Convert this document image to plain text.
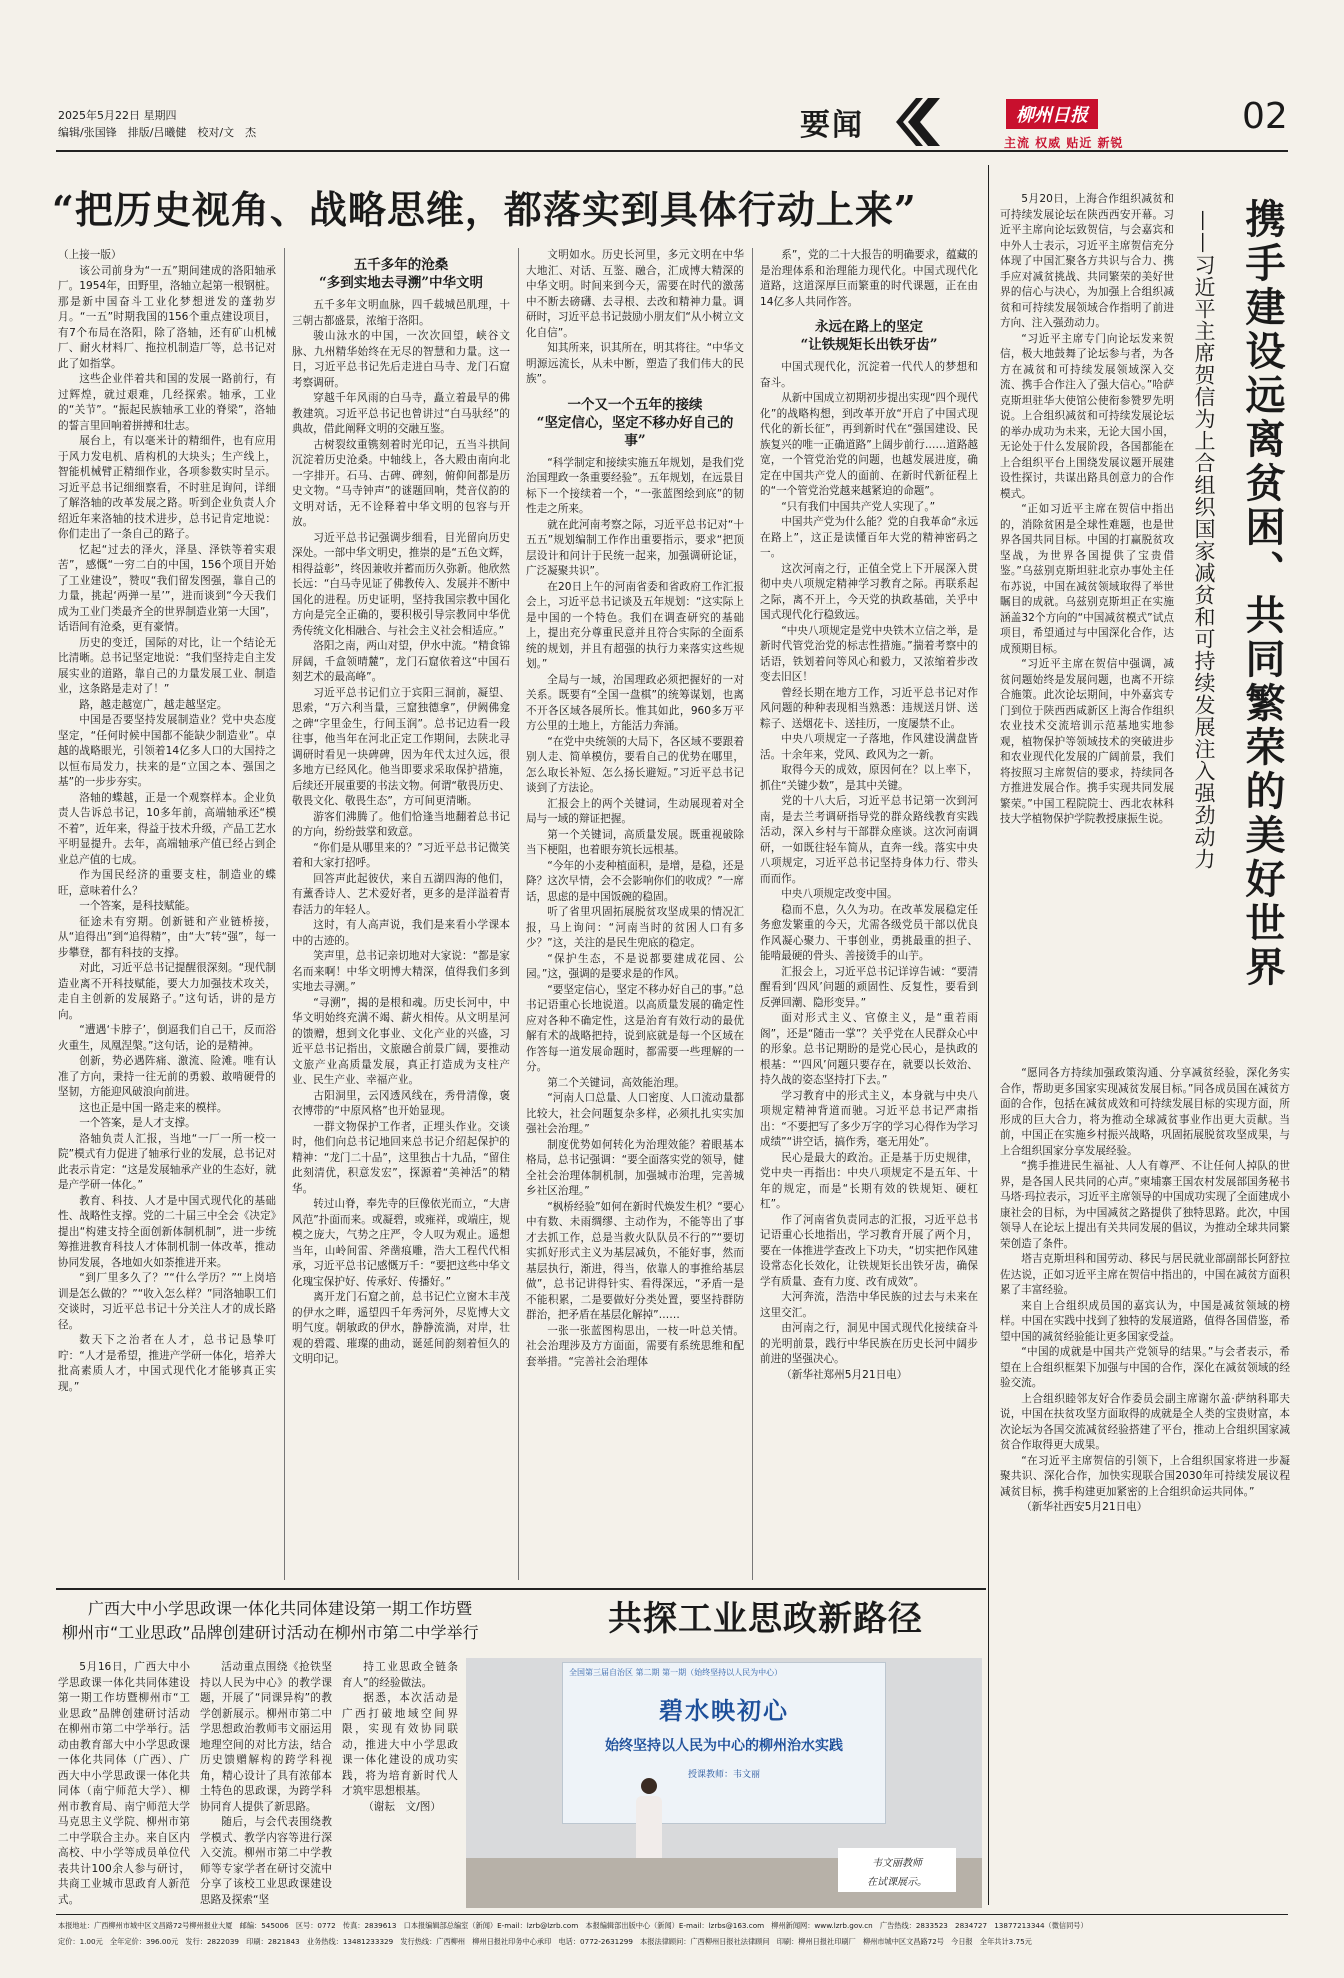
2025年5月22日 星期四
编辑/张国锋　排版/吕曦健　校对/文　杰	要闻	柳州日报
主流 权威 贴近 新锐
02
“把历史视角、战略思维，都落实到具体行动上来”
（上接一版）

该公司前身为“一五”期间建成的洛阳轴承厂。1954年，田野里，洛轴立起第一根钢桩。那是新中国奋斗工业化梦想迸发的蓬勃岁月。“一五”时期我国的156个重点建设项目，有7个布局在洛阳，除了洛轴，还有矿山机械厂、耐火材料厂、拖拉机制造厂等，总书记对此了如指掌。

这些企业伴着共和国的发展一路前行，有过辉煌，就过艰难，几经探索。轴承，工业的“关节”。“振起民族轴承工业的脊梁”，洛轴的誓言里回响着拼搏和壮志。

展台上，有以毫米计的精细件，也有应用于风力发电机、盾构机的大块头；生产线上，智能机械臂正精细作业，各项参数实时呈示。习近平总书记细细察看，不时驻足询问，详细了解洛轴的改革发展之路。听到企业负责人介绍近年来洛轴的技术进步，总书记肯定地说：你们走出了一条自己的路子。

忆起“过去的泽火，泽垦、泽铁等着实艰苦”，感慨“一穷二白的中国，156个项目开始了工业建设”，赞叹“我们留发图强，靠自己的力量，挑起‘两弹一星’”，进而谈到“今天我们成为工业门类最齐全的世界制造业第一大国”，话语间有沧桑，更有豪情。

历史的变迁，国际的对比，让一个结论无比清晰。总书记坚定地说：“我们坚持走自主发展实业的道路，靠自己的力量发展工业、制造业，这条路是走对了！”

路，越走越宽广，越走越坚定。

中国是否要坚持发展制造业？党中央态度坚定，“任何时候中国都不能缺少制造业”。卓越的战略眼光，引领着14亿多人口的大国持之以恒布局发力，扶来的是“立国之本、强国之基”的一步步夯实。

洛轴的蝶越，正是一个观察样本。企业负责人告诉总书记，10多年前，高端轴承还“模不着”，近年来，得益于技术升级，产品工艺水平明显提升。去年，高端轴承产值已经占到企业总产值的七成。

作为国民经济的重要支柱，制造业的蝶旺，意味着什么？

一个答案，是科技赋能。

征途未有穷期。创新链和产业链桥接，从“追得出”到“追得精”，由“大”转“强”，每一步攀登，都有科技的支撑。

对此，习近平总书记提醒很深刻。“现代制造业离不开科技赋能，要大力加强技术攻关，走自主创新的发展路子。”这句话，讲的是方向。

“遭遇‘卡脖子’，倒逼我们自己干，反而浴火重生，凤凰涅槃。”这句话，论的是精神。

创新，势必遇阵痛、激流、险滩。唯有认准了方向，秉持一往无前的勇毅、敢啃硬骨的坚韧，方能迎风破浪向前进。

这也正是中国一路走来的模样。

一个答案，是人才支撑。

洛轴负责人汇报，当地“一厂一所一校一院”模式有力促进了轴承行业的发展，总书记对此表示肯定：“这是发展轴承产业的生态好，就是产学研一体化。”

教育、科技、人才是中国式现代化的基础性、战略性支撑。党的二十届三中全会《决定》提出“构建支持全面创新体制机制”，进一步统筹推进教育科技人才体制机制一体改革，推动协同发展，各地如火如荼推进开来。

“到厂里多久了？”“什么学历？”“上岗培训是怎么做的？”“收入怎么样？”同洛轴职工们交谈时，习近平总书记十分关注人才的成长路径。

数天下之治者在人才，总书记恳挚叮咛：“人才是希望，推进产学研一体化，培养大批高素质人才，中国式现代化才能够真正实现。”

五千多年的沧桑
“多到实地去寻溯”中华文明

五千多年文明血脉，四千载城邑肌理，十三朝古都盛景，浓缩于洛阳。

骏山泳水的中国，一次次回望，峡谷文脉、九州精华始终在无尽的智慧和力量。这一日，习近平总书记先后走进白马寺、龙门石窟考察调研。

穿越千年风雨的白马寺，矗立着最早的佛教建筑。习近平总书记也曾讲过“白马驮经”的典故，借此阐释文明的交融互鉴。

古树裂纹重镌刻着时光印记，五当斗拱间沉淀着历史沧桑。中轴线上，各大殿由南向北一字排开。石马、古碑、碑刻，俯仰间都是历史文物。“马寺钟声”的谜题回响，梵音仪韵的文明对话，无不诠释着中华文明的包容与开放。

习近平总书记强调步细看，目光留向历史深处。一部中华文明史，推崇的是“五色文辉，相得益彰”，终因兼收并蓄而历久弥新。他欣然长远：“白马寺见证了佛教传入、发展并不断中国化的进程。历史证明，坚持我国宗教中国化方向是完全正确的，要积极引导宗教同中华优秀传统文化相融合、与社会主义社会相适应。”

洛阳之南，两山对望，伊水中流。“精食锦屏阔，千盒领晴麓”，龙门石窟依着这“中国石刻艺术的最高峰”。

习近平总书记们立于宾阳三洞前，凝望、思索，“万六利当量，三窟独德拿”，伊阙佛龛之碑“字里金生，行间玉润”。总书记边看一段往事，他当年在河北正定工作期间，去陕北寻调研时看见一块碑碑，因为年代太过久远，很多地方已经风化。他当即要求采取保护措施，后续还开展重要的书法文物。何谓“敬畏历史、敬畏文化、敬畏生态”，方可间更清晰。

游客们沸腾了。他们恰逢当地翻着总书记的方向，纷纷鼓掌和致意。

“你们是从哪里来的？”习近平总书记微笑着和大家打招呼。

回答声此起彼伏，来自五湖四海的他们，有薰香诗人、艺术爱好者，更多的是洋溢着青春活力的年轻人。

这时，有人高声说，我们是来看小学课本中的古迹的。

笑声里，总书记亲切地对大家说：“都是家名而来啊！中华文明博大精深，值得我们多到实地去寻溯。”

“寻溯”，揭的是根和魂。历史长河中，中华文明始终充满不竭、薪火相传。从文明星河的馈赠，想到文化事业、文化产业的兴盛，习近平总书记指出，文旅融合前景广阔，要推动文旅产业高质量发展，真正打造成为支柱产业、民生产业、幸福产业。

古阳洞里，云冈透风线在，秀骨清像，褒衣博带的“中原风格”也开始显现。

一群文物保护工作者，正埋头作业。交谈时，他们向总书记地回来总书记介绍起保护的精神：“龙门二十品”，这里独占十九品，“留住此刻清优，积意发宏”，探源着“美神活”的精华。

转过山脊，奉先寺的巨像依光而立，“大唐风范”扑面而来。或凝碧，或雍祥，或端庄，规模之庞大，气势之庄严，令人叹为观止。遥想当年，山岭间雷、斧凿痕雕，浩大工程代代相承，习近平总书记感慨万千：“要把这些中华文化瑰宝保护好、传承好、传播好。”

离开龙门石窟之前，总书记伫立窗木丰茂的伊水之畔，遥望四千年秀河外，尽览博大文明气度。朝敏政的伊水，静静流淌，对岸，壮观的碧霞、璀璨的曲动，诞延间韵刻着恒久的文明印记。

文明如水。历史长河里，多元文明在中华大地汇、对话、互鉴、融合，汇成博大精深的中华文明。时间来到今天，需要在时代的激荡中不断去磅礴、去寻根、去改和精神力量。调研时，习近平总书记鼓励小朋友们“从小树立文化自信”。

知其所来，识其所在，明其将往。“中华文明源远流长，从未中断，塑造了我们伟大的民族”。

一个又一个五年的接续
“坚定信心，坚定不移办好自己的事”

“科学制定和接续实施五年规划，是我们党治国理政一条重要经验”。五年规划，在远景目标下一个接续着一个，“一张蓝图绘到底”的韧性走之所来。

就在此河南考察之际，习近平总书记对“十五五”规划编制工作作出重要指示，要求“把顶层设计和问计于民统一起来，加强调研论证，广泛凝聚共识”。

在20日上午的河南省委和省政府工作汇报会上，习近平总书记谈及五年规划：“这实际上是中国的一个特色。我们在调查研究的基础上，提出充分尊重民意并且符合实际的全面系统的规划，并且有超强的执行力来落实这些规划。”

全局与一域，治国理政必须把握好的一对关系。既要有“全国一盘棋”的统筹谋划，也离不开各区域各展所长。惟其如此，960多万平方公里的土地上，方能活力奔涌。

“在党中央统领的大局下，各区域不要跟着别人走、简单模仿，要看自己的优势在哪里，怎么取长补短、怎么扬长避短。”习近平总书记谈到了方法论。

汇报会上的两个关键词，生动展现着对全局与一域的辩证把握。

第一个关键词，高质量发展。既重视破除当下梗阻，也着眼夯筑长远根基。

“今年的小麦种植面积，是增，是稳，还是降？这次早情，会不会影响你们的收成？”一席话，思虑的是中国饭碗的稳固。

听了省里巩固拓展脱贫攻坚成果的情况汇报，马上询问：“河南当时的贫困人口有多少？”这，关注的是民生兜底的稳定。

“保护生态，不是说都要建成花园、公园。”这，强调的是要求是的作风。

“要坚定信心，坚定不移办好自己的事。”总书记语重心长地说道。以高质量发展的确定性应对各种不确定性，这是治育有效行动的最优解有术的战略把持，说到底就是每一个区域在作答每一道发展命题时，都需要一些理解的一分。

第二个关键词，高效能治理。

“河南人口总量、人口密度、人口流动量都比较大，社会问题复杂多样，必须扎扎实实加强社会治理。”

制度优势如何转化为治理效能？着眼基本格局，总书记强调：“要全面落实党的领导，健全社会治理体制机制，加强城市治理，完善城乡社区治理。”

“枫桥经验”如何在新时代焕发生机？“要心中有数、未雨绸缪、主动作为，不能等出了事才去抓工作，总是当救火队队员不行的”“要切实抓好形式主义为基层减负，不能好事，然而基层执行，渐进，得当，依靠人的事推给基层做”，总书记讲得针实、看得深远，“矛盾一是不能积累，二是要做好分类处置，要坚持群防群治，把矛盾在基层化解掉”……

一张一张蓝图构思出，一枝一叶总关情。社会治理涉及方方面面，需要有系统思维和配套举措。“完善社会治理体

系”，党的二十大报告的明确要求，蕴藏的是治理体系和治理能力现代化。中国式现代化道路，这道深厚巨而繁重的时代课题，正在由14亿多人共同作答。

永远在路上的坚定
“让铁规矩长出铁牙齿”

中国式现代化，沉淀着一代代人的梦想和奋斗。

从新中国成立初期初步提出实现“四个现代化”的战略构想，到改革开放“开启了中国式现代化的新长征”，再到新时代在“强国建设、民族复兴的唯一正确道路”上阔步前行……道路越宽，一个管党治党的问题，也越发展进度，确定在中国共产党人的面前、在新时代新征程上的“一个管党治党越来越紧迫的命题”。

“只有我们中国共产党人实现了。”

中国共产党为什么能？党的自我革命“永远在路上”，这正是读懂百年大党的精神密码之一。

这次河南之行，正值全党上下开展深入贯彻中央八项规定精神学习教育之际。再联系起之际，离不开上，今天党的执政基础，关乎中国式现代化行稳致远。

“中央八项规定是党中央铁木立信之举，是新时代管党治党的标志性措施。”揣着考察中的话语，铁划着问等风心和毅力，又浓缩着步改变去旧区！

曾经长期在地方工作，习近平总书记对作风问题的种种表现相当熟悉：违规送月饼、送粽子、送烟花卡、送挂历，一度屡禁不止。

中央八项规定一子落地，作风建设满盘皆活。十余年来，党风、政风为之一新。

取得今天的成效，原因何在？以上率下，抓住“关键少数”，是其中关键。

党的十八大后，习近平总书记第一次到河南，是去兰考调研指导党的群众路线教育实践活动，深入乡村与干部群众座谈。这次河南调研，一如既往轻车简从，直奔一线。落实中央八项规定，习近平总书记坚持身体力行、带头而而作。

中央八项规定改变中国。

稳而不息，久久为功。在改革发展稳定任务愈发繁重的今天，尤需各级党员干部以优良作风凝心聚力、干事创业，勇挑最重的担子、能啃最硬的骨头、善接烫手的山芋。

汇报会上，习近平总书记详谆告诫：“要清醒看到‘四风’问题的顽固性、反复性，要看到反弹回潮、隐形变异。”

面对形式主义、官僚主义，是“重若雨阁”，还是“随击一掌”？关乎党在人民群众心中的形象。总书记期盼的是党心民心，是执政的根基：“‘四风’问题只要存在，就要以长效治、持久战的姿态坚持打下去。”

学习教育中的形式主义，本身就与中央八项规定精神背道而驰。习近平总书记严肃指出：“不要把写了多少万字的学习心得作为学习成绩”“讲空话，搞作秀，毫无用处”。

民心是最大的政治。正是基于历史规律，党中央一再指出：中央八项规定不是五年、十年的规定，而是“长期有效的铁规矩、硬杠杠”。

作了河南省负责同志的汇报，习近平总书记语重心长地指出，学习教育开展了两个月，要在一体推进学查改上下功夫，“切实把作风建设常态化长效化，让铁规矩长出铁牙齿，确保学有质量、查有力度、改有成效”。

大河奔流，浩浩中华民族的过去与未来在这里交汇。

由河南之行，洞见中国式现代化接续奋斗的光明前景，践行中华民族在历史长河中阔步前进的坚强决心。

（新华社郑州5月21日电）

携手建设远离贫困、共同繁荣的美好世界
——习近平主席贺信为上合组织国家减贫和可持续发展注入强劲动力

5月20日，上海合作组织减贫和可持续发展论坛在陕西西安开幕。习近平主席向论坛致贺信，与会嘉宾和中外人士表示，习近平主席贺信充分体现了中国汇聚各方共识与合力、携手应对减贫挑战、共同繁荣的美好世界的信心与决心，为加强上合组织减贫和可持续发展领域合作指明了前进方向、注入强劲动力。

“习近平主席专门向论坛发来贺信，极大地鼓舞了论坛参与者，为各方在减贫和可持续发展领域深入交流、携手合作注入了强大信心。”哈萨克斯坦驻华大使馆公使衔参赞罗先明说。上合组织减贫和可持续发展论坛的举办成功为未来，无论大国小国，无论处于什么发展阶段，各国都能在上合组织平台上围绕发展议题开展建设性探讨，共谋出路具创意力的合作模式。

“正如习近平主席在贺信中指出的，消除贫困是全球性难题，也是世界各国共同目标。中国的打赢脱贫攻坚战，为世界各国提供了宝贵借鉴。”乌兹别克斯坦驻北京办事处主任布苏说，中国在减贫领域取得了举世瞩目的成就。乌兹别克斯坦正在实施涵盖32个方向的“中国减贫模式”试点项目，希望通过与中国深化合作，达成预期目标。

“习近平主席在贺信中强调，减贫问题始终是发展问题，也离不开综合施策。此次论坛期间，中外嘉宾专门到位于陕西西咸新区上海合作组织农业技术交流培训示范基地实地参观，植物保护等领域技术的突破进步和农业现代化发展的广阔前景，我们将按照习主席贺信的要求，持续同各方推进发展合作。携手实现共同发展繁荣。”中国工程院院士、西北农林科技大学植物保护学院教授康振生说。

“愿同各方持续加强政策沟通、分享减贫经验，深化务实合作，帮助更多国家实现减贫发展目标。”同各成员国在减贫方面的合作，包括在减贫成效和可持续发展目标的实现方面，所形成的巨大合力，将为推动全球减贫事业作出更大贡献。当前，中国正在实施乡村振兴战略，巩固拓展脱贫攻坚成果，与上合组织国家分享发展经验。

“携手推进民生福祉、人人有尊严、不让任何人掉队的世界，是各国人民共同的心声。”柬埔寨王国农村发展部国务秘书马塔·玛拉表示，习近平主席领导的中国成功实现了全面建成小康社会的目标，为中国减贫之路提供了独特思路。此次，中国领导人在论坛上提出有关共同发展的倡议，为推动全球共同繁荣创造了条件。

塔吉克斯坦科和国劳动、移民与居民就业部副部长阿舒拉佐达说，正如习近平主席在贺信中指出的，中国在减贫方面积累了丰富经验。

来自上合组织成员国的嘉宾认为，中国是减贫领域的榜样。中国在实践中找到了独特的发展道路，值得各国借鉴，希望中国的减贫经验能让更多国家受益。

“中国的成就是中国共产党领导的结果。”与会者表示，希望在上合组织框架下加强与中国的合作，深化在减贫领域的经验交流。

上合组织睦邻友好合作委员会副主席谢尔盖·萨纳科耶夫说，中国在扶贫攻坚方面取得的成就是全人类的宝贵财富，本次论坛为各国交流减贫经验搭建了平台，推动上合组织国家减贫合作取得更大成果。

“在习近平主席贺信的引领下，上合组织国家将进一步凝聚共识、深化合作，加快实现联合国2030年可持续发展议程减贫目标，携手构建更加紧密的上合组织命运共同体。”

（新华社西安5月21日电）

广西大中小学思政课一体化共同体建设第一期工作坊暨
柳州市“工业思政”品牌创建研讨活动在柳州市第二中学举行	共探工业思政新路径

5月16日，广西大中小学思政课一体化共同体建设第一期工作坊暨柳州市“工业思政”品牌创建研讨活动在柳州市第二中学举行。活动由教育部大中小学思政课一体化共同体（广西）、广西大中小学思政课一体化共同体（南宁师范大学）、柳州市教育局、南宁师范大学马克思主义学院、柳州市第二中学联合主办。来自区内高校、中小学等成员单位代表共计100余人参与研讨，共商工业城市思政育人新范式。

活动重点围绕《抢铁坚持以人民为中心》的教学课题，开展了“同课异构”的教学创新展示。柳州市第二中学思想政治教师韦文丽运用地理空间的对比方法，结合历史馈赠解构的跨学科视角，精心设计了具有浓郁本土特色的思政课，为跨学科协同育人提供了新思路。

随后，与会代表围绕教学模式、教学内容等进行深入交流。柳州市第二中学教师等专家学者在研讨交流中分享了该校工业思政课建设思路及探索“坚

持工业思政全链条育人”的经验做法。

据悉，本次活动是广西打破地域空间界限，实现有效协同联动，推进大中小学思政课一体化建设的成功实践，将为培育新时代人才筑牢思想根基。

（谢耘　文/图）

全国第三届自治区 第二期 第一期（始终坚持以人民为中心）
碧水映初心
始终坚持以人民为中心的柳州治水实践
授课教师：韦文丽
韦文丽教师
在试课展示。
本报地址：广西柳州市城中区文昌路72号柳州报业大厦　邮编：545006　区号：0772　传真：2839613　口本报编辑部总编室（新闻）E-mail：lzrb@lzrb.com　本报编辑部出版中心（新闻）E-mail：lzrbs@163.com　柳州新闻网：www.lzrb.gov.cn　广告热线：2833523　2834727　13877213344（微信同号）
定价：1.00元　全年定价：396.00元　发行：2822039　印刷：2821843　业务热线：13481233329　发行热线：广西柳州　柳州日报社印务中心承印　电话：0772-2631299　本报法律顾问：广西柳州日报社法律顾问　印刷：柳州日报社印刷厂　柳州市城中区文昌路72号　今日报　全年共计3.75元
